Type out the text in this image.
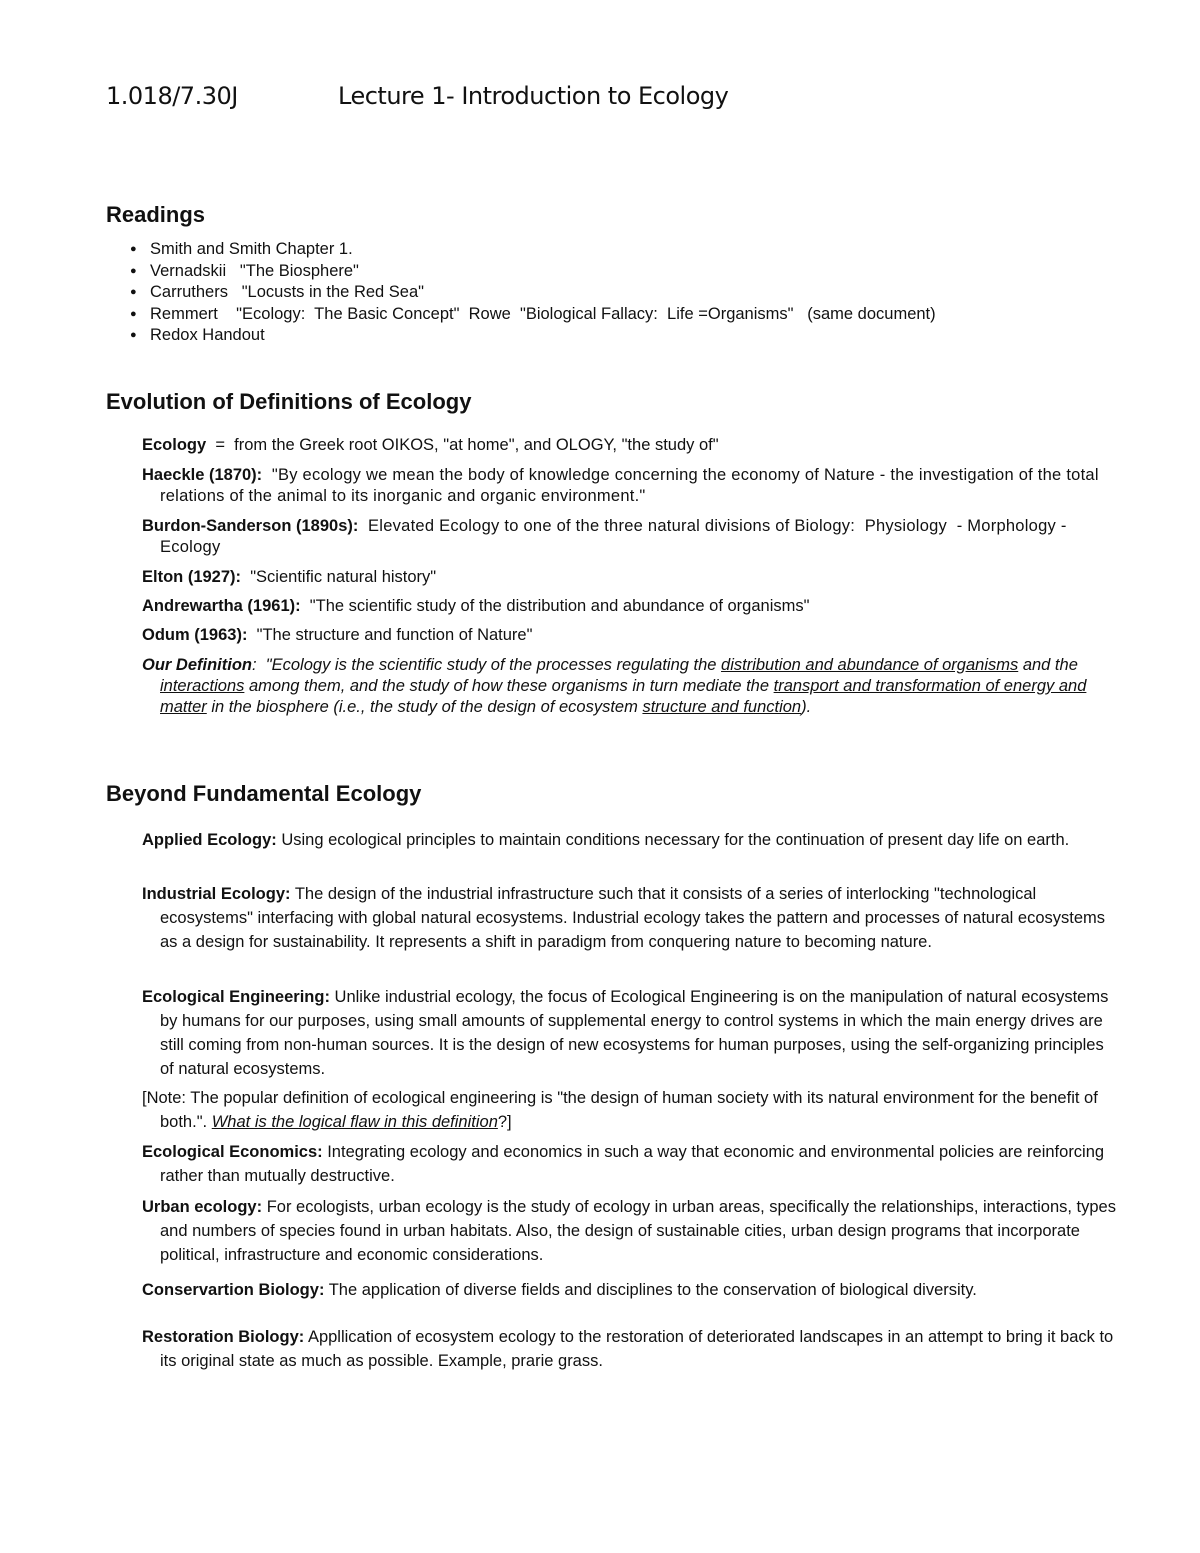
1.018/7.30J	Lecture 1- Introduction to Ecology
Readings
● Smith and Smith Chapter 1.
● Vernadskii   "The Biosphere"
● Carruthers   "Locusts in the Red Sea"
● Remmert    "Ecology:  The Basic Concept"  Rowe  "Biological Fallacy:  Life =Organisms"   (same document)
● Redox Handout
Evolution of Definitions of Ecology

Ecology  =  from the Greek root OIKOS, "at home", and OLOGY, "the study of"

Haeckle (1870):  "By ecology we mean the body of knowledge concerning the economy of Nature - the investigation of the total relations of the animal to its inorganic and organic environment."

Burdon-Sanderson (1890s):  Elevated Ecology to one of the three natural divisions of Biology:  Physiology  - Morphology - Ecology

Elton (1927):  "Scientific natural history"

Andrewartha (1961):  "The scientific study of the distribution and abundance of organisms"

Odum (1963):  "The structure and function of Nature"

Our Definition:  "Ecology is the scientific study of the processes regulating the distribution and abundance of organisms and the interactions among them, and the study of how these organisms in turn mediate the transport and transformation of energy and matter in the biosphere (i.e., the study of the design of ecosystem structure and function).

Beyond Fundamental Ecology

Applied Ecology: Using ecological principles to maintain conditions necessary for the continuation of present day life on earth.

Industrial Ecology: The design of the industrial infrastructure such that it consists of a series of interlocking "technological ecosystems" interfacing with global natural ecosystems. Industrial ecology takes the pattern and processes of natural ecosystems as a design for sustainability. It represents a shift in paradigm from conquering nature to becoming nature.

Ecological Engineering: Unlike industrial ecology, the focus of Ecological Engineering is on the manipulation of natural ecosystems by humans for our purposes, using small amounts of supplemental energy to control systems in which the main energy drives are still coming from non-human sources. It is the design of new ecosystems for human purposes, using the self-organizing principles of natural ecosystems.

[Note: The popular definition of ecological engineering is "the design of human society with its natural environment for the benefit of both.". What is the logical flaw in this definition?]

Ecological Economics: Integrating ecology and economics in such a way that economic and environmental policies are reinforcing rather than mutually destructive.

Urban ecology: For ecologists, urban ecology is the study of ecology in urban areas, specifically the relationships, interactions, types and numbers of species found in urban habitats. Also, the design of sustainable cities, urban design programs that incorporate political, infrastructure and economic considerations.

Conservartion Biology: The application of diverse fields and disciplines to the conservation of biological diversity.

Restoration Biology: Appllication of ecosystem ecology to the restoration of deteriorated landscapes in an attempt to bring it back to its original state as much as possible. Example, prarie grass.
